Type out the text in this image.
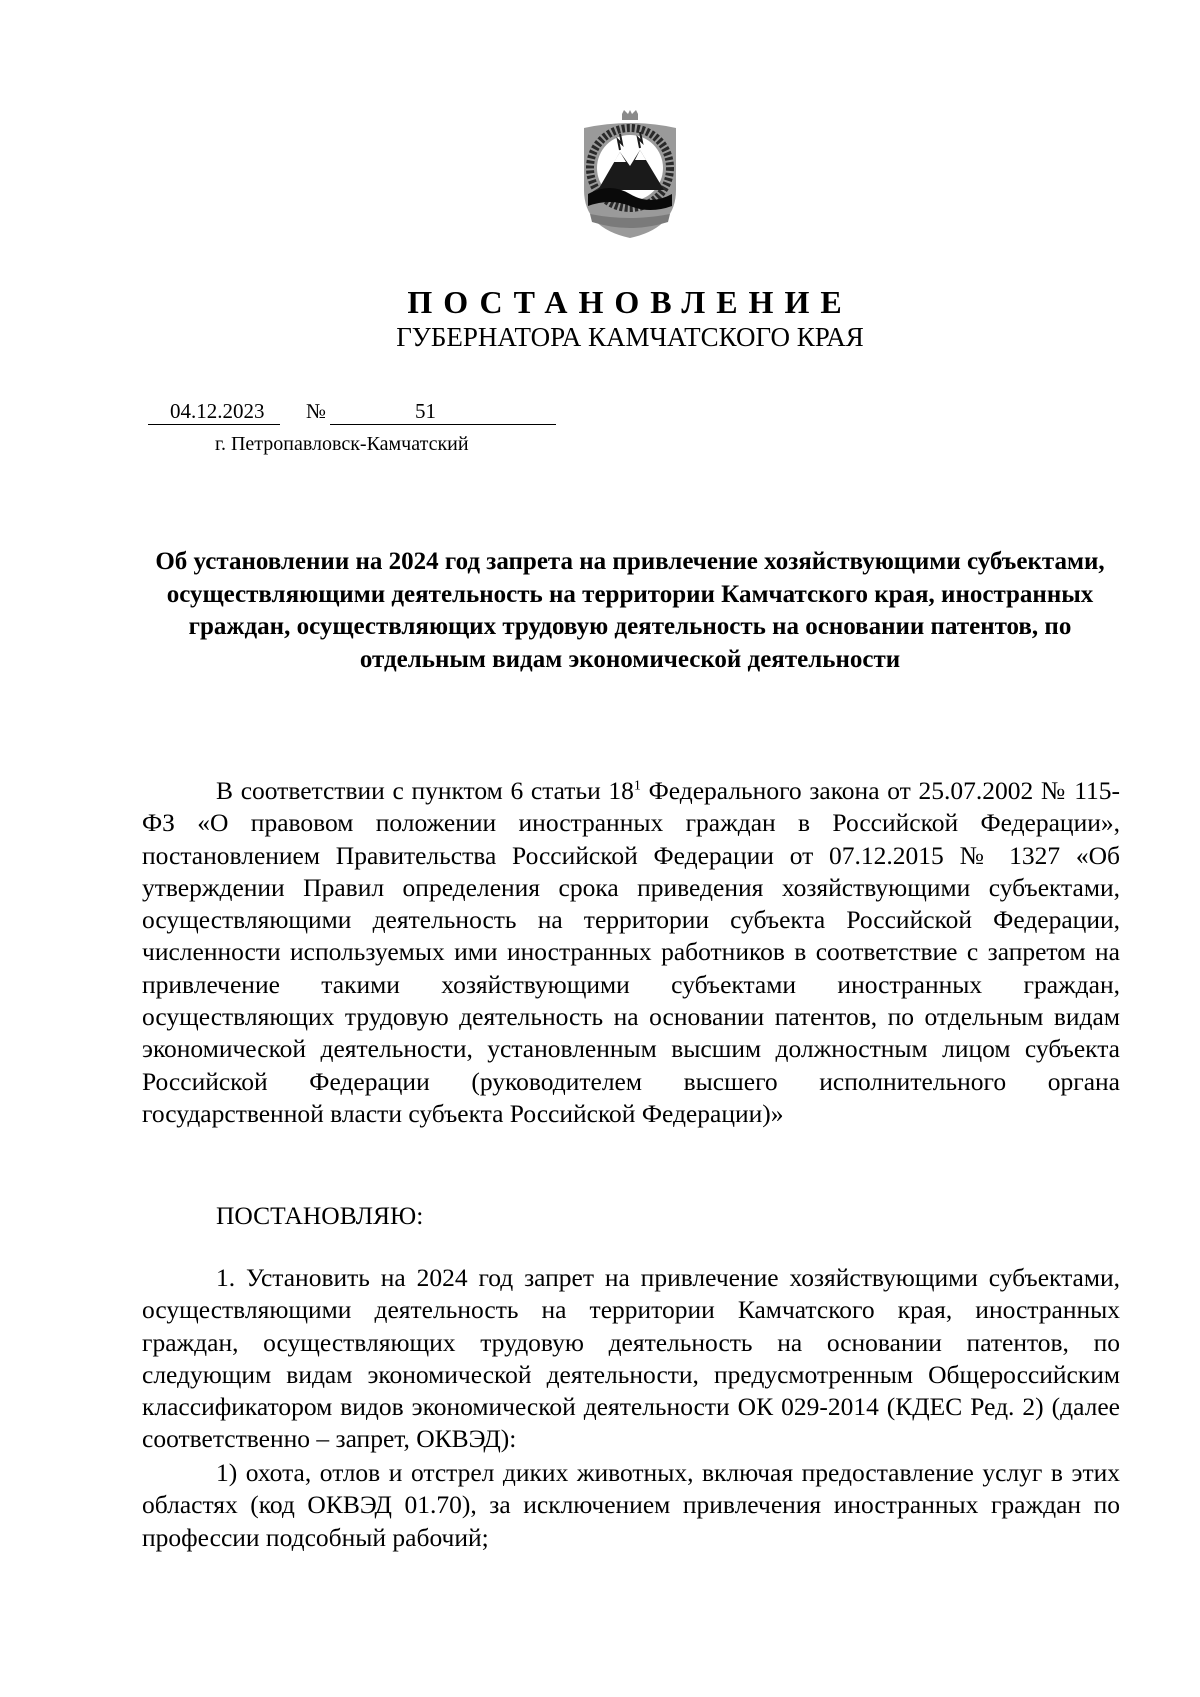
ПОСТАНОВЛЕНИЕ
ГУБЕРНАТОРА КАМЧАТСКОГО КРАЯ
04.12.2023 №	51
г. Петропавловск-Камчатский
Об установлении на 2024 год запрета на привлечение хозяйствующими субъектами, осуществляющими деятельность на территории Камчатского края, иностранных граждан, осуществляющих трудовую деятельность на основании патентов, по отдельным видам экономической деятельности
В соответствии с пунктом 6 статьи $18^1$ Федерального закона от 25.07.2002 № 115-ФЗ «О правовом положении иностранных граждан в Российской Федерации», постановлением Правительства Российской Федерации от 07.12.2015 № 1327 «Об утверждении Правил определения срока приведения хозяйствующими субъектами, осуществляющими деятельность на территории субъекта Российской Федерации, численности используемых ими иностранных работников в соответствие с запретом на привлечение такими хозяйствующими субъектами иностранных граждан, осуществляющих трудовую деятельность на основании патентов, по отдельным видам экономической деятельности, установленным высшим должностным лицом субъекта Российской Федерации (руководителем высшего исполнительного органа государственной власти субъекта Российской Федерации)»
ПОСТАНОВЛЯЮ:
1. Установить на 2024 год запрет на привлечение хозяйствующими субъектами, осуществляющими деятельность на территории Камчатского края, иностранных граждан, осуществляющих трудовую деятельность на основании патентов, по следующим видам экономической деятельности, предусмотренным Общероссийским классификатором видов экономической деятельности ОК 029-2014 (КДЕС Ред. 2) (далее соответственно – запрет, ОКВЭД):
1) охота, отлов и отстрел диких животных, включая предоставление услуг в этих областях (код ОКВЭД 01.70), за исключением привлечения иностранных граждан по профессии подсобный рабочий;
